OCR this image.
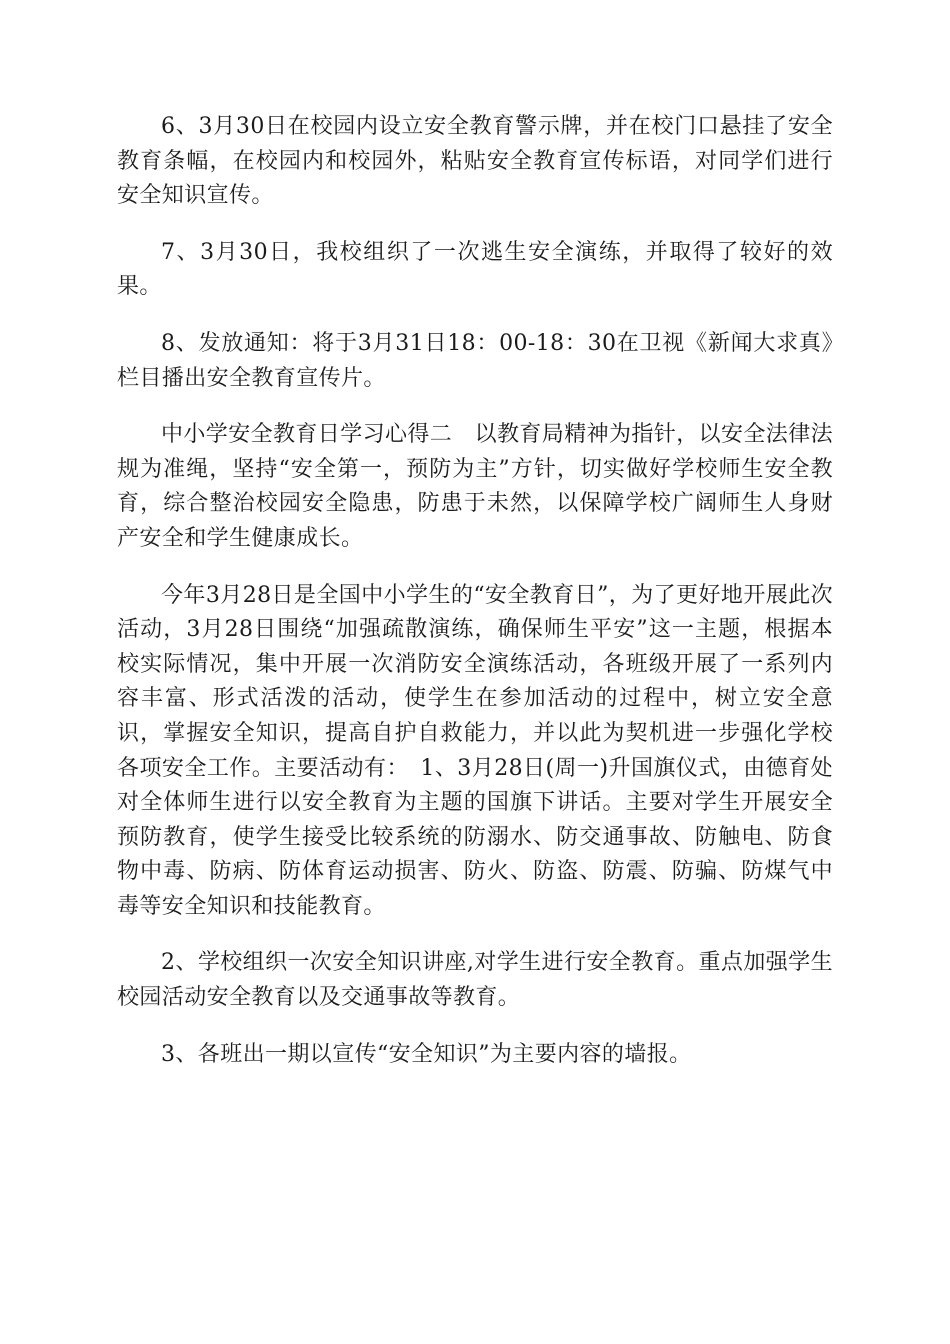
6、3月30日在校园内设立安全教育警示牌，并在校门口悬挂了安全教育条幅，在校园内和校园外，粘贴安全教育宣传标语，对同学们进行安全知识宣传。

7、3月30日，我校组织了一次逃生安全演练，并取得了较好的效果。

8、发放通知：将于3月31日18：00-18：30在卫视《新闻大求真》栏目播出安全教育宣传片。

中小学安全教育日学习心得二　以教育局精神为指针，以安全法律法规为准绳，坚持“安全第一，预防为主”方针，切实做好学校师生安全教育，综合整治校园安全隐患，防患于未然，以保障学校广阔师生人身财产安全和学生健康成长。

今年3月28日是全国中小学生的“安全教育日”，为了更好地开展此次活动，3月28日围绕“加强疏散演练，确保师生平安”这一主题，根据本校实际情况，集中开展一次消防安全演练活动，各班级开展了一系列内容丰富、形式活泼的活动，使学生在参加活动的过程中，树立安全意识，掌握安全知识，提高自护自救能力，并以此为契机进一步强化学校各项安全工作。主要活动有：　1、3月28日(周一)升国旗仪式，由德育处对全体师生进行以安全教育为主题的国旗下讲话。主要对学生开展安全预防教育，使学生接受比较系统的防溺水、防交通事故、防触电、防食物中毒、防病、防体育运动损害、防火、防盗、防震、防骗、防煤气中毒等安全知识和技能教育。

2、学校组织一次安全知识讲座,对学生进行安全教育。重点加强学生校园活动安全教育以及交通事故等教育。

3、各班出一期以宣传“安全知识”为主要内容的墙报。
